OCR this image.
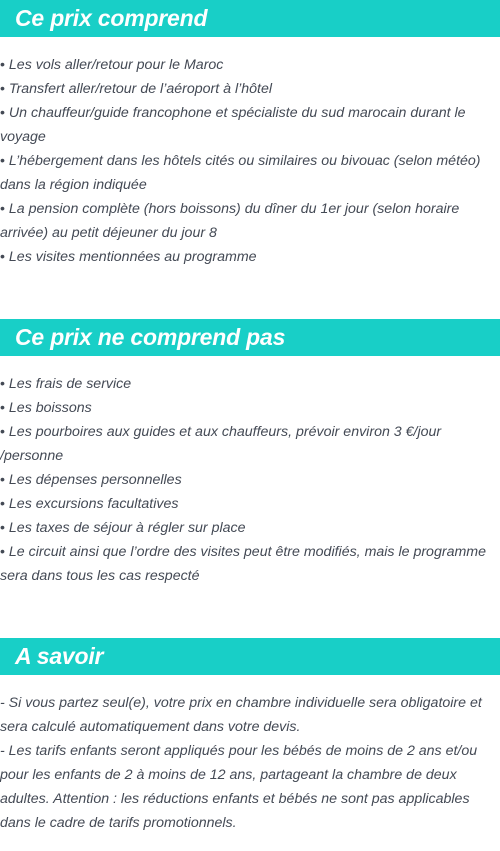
Ce prix comprend
• Les vols aller/retour pour le Maroc
• Transfert aller/retour de l’aéroport à l’hôtel
• Un chauffeur/guide francophone et spécialiste du sud marocain durant le voyage
• L’hébergement dans les hôtels cités ou similaires ou bivouac (selon météo) dans la région indiquée
• La pension complète (hors boissons) du dîner du 1er jour (selon horaire arrivée) au petit déjeuner du jour 8
• Les visites mentionnées au programme
Ce prix ne comprend pas
• Les frais de service
• Les boissons
• Les pourboires aux guides et aux chauffeurs, prévoir environ 3 €/jour /personne
• Les dépenses personnelles
• Les excursions facultatives
• Les taxes de séjour à régler sur place
• Le circuit ainsi que l’ordre des visites peut être modifiés, mais le programme sera dans tous les cas respecté
A savoir

- Si vous partez seul(e), votre prix en chambre individuelle sera obligatoire et sera calculé automatiquement dans votre devis.

- Les tarifs enfants seront appliqués pour les bébés de moins de 2 ans et/ou pour les enfants de 2 à moins de 12 ans, partageant la chambre de deux adultes. Attention : les réductions enfants et bébés ne sont pas applicables dans le cadre de tarifs promotionnels.
